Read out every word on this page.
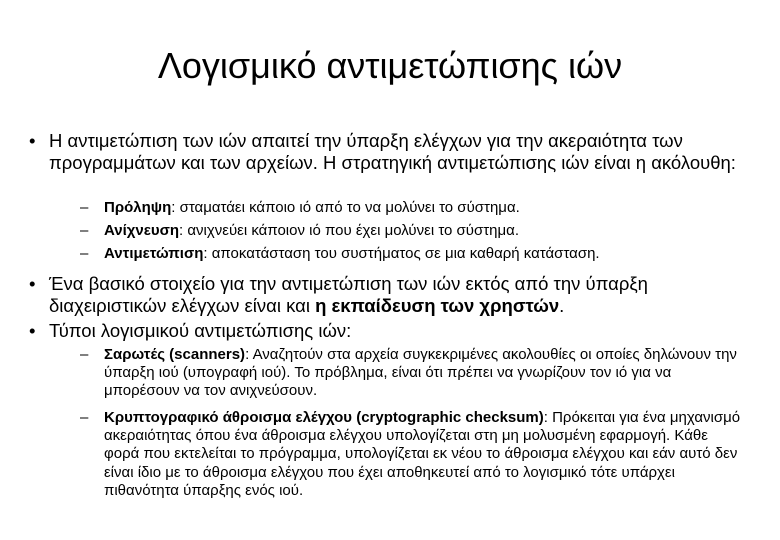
Λογισμικό αντιμετώπισης ιών
• Η αντιμετώπιση των ιών απαιτεί την ύπαρξη ελέγχων για την ακεραιότητα των προγραμμάτων και των αρχείων. Η στρατηγική αντιμετώπισης ιών είναι η ακόλουθη:
– Πρόληψη: σταματάει κάποιο ιό από το να μολύνει το σύστημα.
– Ανίχνευση: ανιχνεύει κάποιον ιό που έχει μολύνει το σύστημα.
– Αντιμετώπιση: αποκατάσταση του συστήματος σε μια καθαρή κατάσταση.
• Ένα βασικό στοιχείο για την αντιμετώπιση των ιών εκτός από την ύπαρξη διαχειριστικών ελέγχων είναι και η εκπαίδευση των χρηστών.
• Τύποι λογισμικού αντιμετώπισης ιών:
– Σαρωτές (scanners): Αναζητούν στα αρχεία συγκεκριμένες ακολουθίες οι οποίες δηλώνουν την ύπαρξη ιού (υπογραφή ιού). Το πρόβλημα, είναι ότι πρέπει να γνωρίζουν τον ιό για να μπορέσουν να τον ανιχνεύσουν.
– Κρυπτογραφικό άθροισμα ελέγχου (cryptographic checksum): Πρόκειται για ένα μηχανισμό ακεραιότητας όπου ένα άθροισμα ελέγχου υπολογίζεται στη μη μολυσμένη εφαρμογή. Κάθε φορά που εκτελείται το πρόγραμμα, υπολογίζεται εκ νέου το άθροισμα ελέγχου και εάν αυτό δεν είναι ίδιο με το άθροισμα ελέγχου που έχει αποθηκευτεί από το λογισμικό τότε υπάρχει πιθανότητα ύπαρξης ενός ιού.
